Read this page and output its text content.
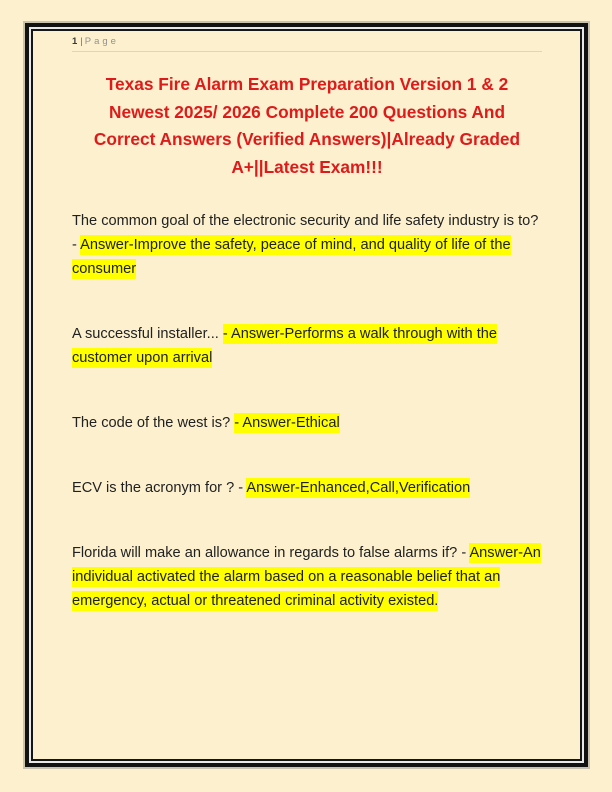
1 | Page
Texas Fire Alarm Exam Preparation Version 1 & 2
Newest 2025/ 2026 Complete 200 Questions And
Correct Answers (Verified Answers)|Already Graded
A+||Latest Exam!!!

The common goal of the electronic security and life safety industry is to? - Answer-Improve the safety, peace of mind, and quality of life of the consumer

A successful installer... - Answer-Performs a walk through with the customer upon arrival

The code of the west is? - Answer-Ethical

ECV is the acronym for ? - Answer-Enhanced,Call,Verification

Florida will make an allowance in regards to false alarms if? - Answer-An individual activated the alarm based on a reasonable belief that an emergency, actual or threatened criminal activity existed.
